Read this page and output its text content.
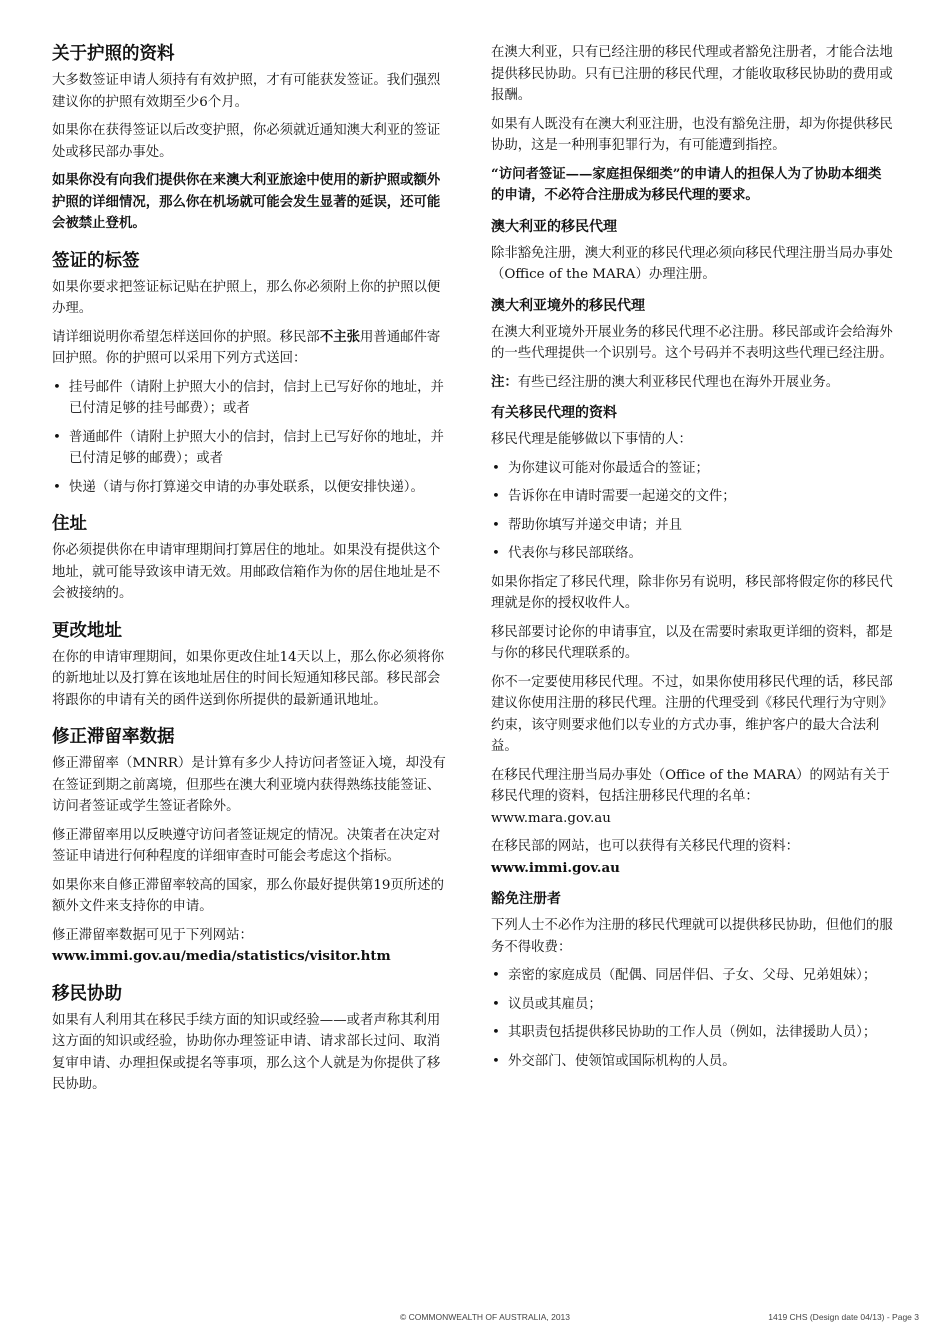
关于护照的资料

大多数签证申请人须持有有效护照，才有可能获发签证。我们强烈建议你的护照有效期至少6个月。

如果你在获得签证以后改变护照，你必须就近通知澳大利亚的签证处或移民部办事处。

如果你没有向我们提供你在来澳大利亚旅途中使用的新护照或额外护照的详细情况，那么你在机场就可能会发生显著的延误，还可能会被禁止登机。

签证的标签

如果你要求把签证标记贴在护照上，那么你必须附上你的护照以便办理。

请详细说明你希望怎样送回你的护照。移民部不主张用普通邮件寄回护照。你的护照可以采用下列方式送回：

• 挂号邮件（请附上护照大小的信封，信封上已写好你的地址，并已付清足够的挂号邮费）；或者
• 普通邮件（请附上护照大小的信封，信封上已写好你的地址，并已付清足够的邮费）；或者
• 快递（请与你打算递交申请的办事处联系，以便安排快递）。
住址

你必须提供你在申请审理期间打算居住的地址。如果没有提供这个地址，就可能导致该申请无效。用邮政信箱作为你的居住地址是不会被接纳的。

更改地址

在你的申请审理期间，如果你更改住址14天以上，那么你必须将你的新地址以及打算在该地址居住的时间长短通知移民部。移民部会将跟你的申请有关的函件送到你所提供的最新通讯地址。

修正滞留率数据

修正滞留率（MNRR）是计算有多少人持访问者签证入境，却没有在签证到期之前离境，但那些在澳大利亚境内获得熟练技能签证、访问者签证或学生签证者除外。

修正滞留率用以反映遵守访问者签证规定的情况。决策者在决定对签证申请进行何种程度的详细审查时可能会考虑这个指标。

如果你来自修正滞留率较高的国家，那么你最好提供第19页所述的额外文件来支持你的申请。

修正滞留率数据可见于下列网站：
www.immi.gov.au/media/statistics/visitor.htm

移民协助

如果有人利用其在移民手续方面的知识或经验——或者声称其利用这方面的知识或经验，协助你办理签证申请、请求部长过问、取消复审申请、办理担保或提名等事项，那么这个人就是为你提供了移民协助。

在澳大利亚，只有已经注册的移民代理或者豁免注册者，才能合法地提供移民协助。只有已注册的移民代理，才能收取移民协助的费用或报酬。

如果有人既没有在澳大利亚注册，也没有豁免注册，却为你提供移民协助，这是一种刑事犯罪行为，有可能遭到指控。

“访问者签证——家庭担保细类”的申请人的担保人为了协助本细类的申请，不必符合注册成为移民代理的要求。

澳大利亚的移民代理

除非豁免注册，澳大利亚的移民代理必须向移民代理注册当局办事处（Office of the MARA）办理注册。

澳大利亚境外的移民代理

在澳大利亚境外开展业务的移民代理不必注册。移民部或许会给海外的一些代理提供一个识别号。这个号码并不表明这些代理已经注册。

注：有些已经注册的澳大利亚移民代理也在海外开展业务。

有关移民代理的资料

移民代理是能够做以下事情的人：

• 为你建议可能对你最适合的签证；
• 告诉你在申请时需要一起递交的文件；
• 帮助你填写并递交申请；并且
• 代表你与移民部联络。

如果你指定了移民代理，除非你另有说明，移民部将假定你的移民代理就是你的授权收件人。

移民部要讨论你的申请事宜，以及在需要时索取更详细的资料，都是与你的移民代理联系的。

你不一定要使用移民代理。不过，如果你使用移民代理的话，移民部建议你使用注册的移民代理。注册的代理受到《移民代理行为守则》约束，该守则要求他们以专业的方式办事，维护客户的最大合法利益。

在移民代理注册当局办事处（Office of the MARA）的网站有关于移民代理的资料，包括注册移民代理的名单：
www.mara.gov.au

在移民部的网站，也可以获得有关移民代理的资料：
www.immi.gov.au

豁免注册者

下列人士不必作为注册的移民代理就可以提供移民协助，但他们的服务不得收费：

• 亲密的家庭成员（配偶、同居伴侣、子女、父母、兄弟姐妹）；
• 议员或其雇员；
• 其职责包括提供移民协助的工作人员（例如，法律援助人员）；
• 外交部门、使领馆或国际机构的人员。
© COMMONWEALTH OF AUSTRALIA, 2013	1419 CHS (Design date 04/13) - Page 3
